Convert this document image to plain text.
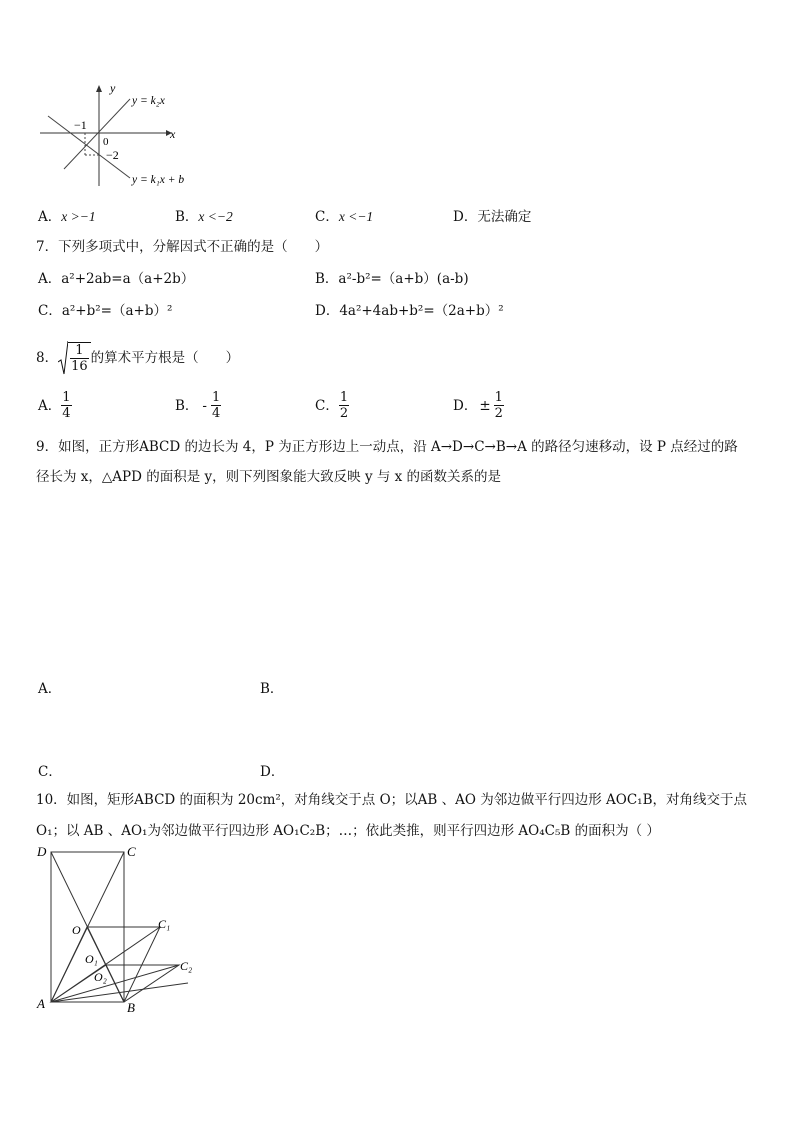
y
x
0
−1
−2
y = k₂x
y = k₁x + b
A．x >−1	B．x <−2	C．x <−1	D．无法确定
7．下列多项式中，分解因式不正确的是（　　）
A．a²+2ab=a（a+2b）	B．a²-b²=（a+b）(a-b)
C．a²+b²=（a+b）²	D．4a²+4ab+b²=（2a+b）²
8． $\frac{1}{16}$ 的算术平方根是（　　）
A． $\frac{1}{4}$	B． - $\frac{1}{4}$	C． $\frac{1}{2}$	D． ± $\frac{1}{2}$
9．如图，正方形ABCD 的边长为 4，P 为正方形边上一动点，沿 A→D→C→B→A 的路径匀速移动，设 P 点经过的路
径长为 x，△APD 的面积是 y，则下列图象能大致反映 y 与 x 的函数关系的是
A．	B．
C．	D．
10．如图，矩形ABCD 的面积为 20cm²，对角线交于点 O；以AB 、AO 为邻边做平行四边形 AOC₁B，对角线交于点
O₁；以 AB 、AO₁为邻边做平行四边形 AO₁C₂B；…；依此类推，则平行四边形 AO₄C₅B 的面积为（ ）
D	C
A	B
O
O₁
O₂
C₁
C₂
